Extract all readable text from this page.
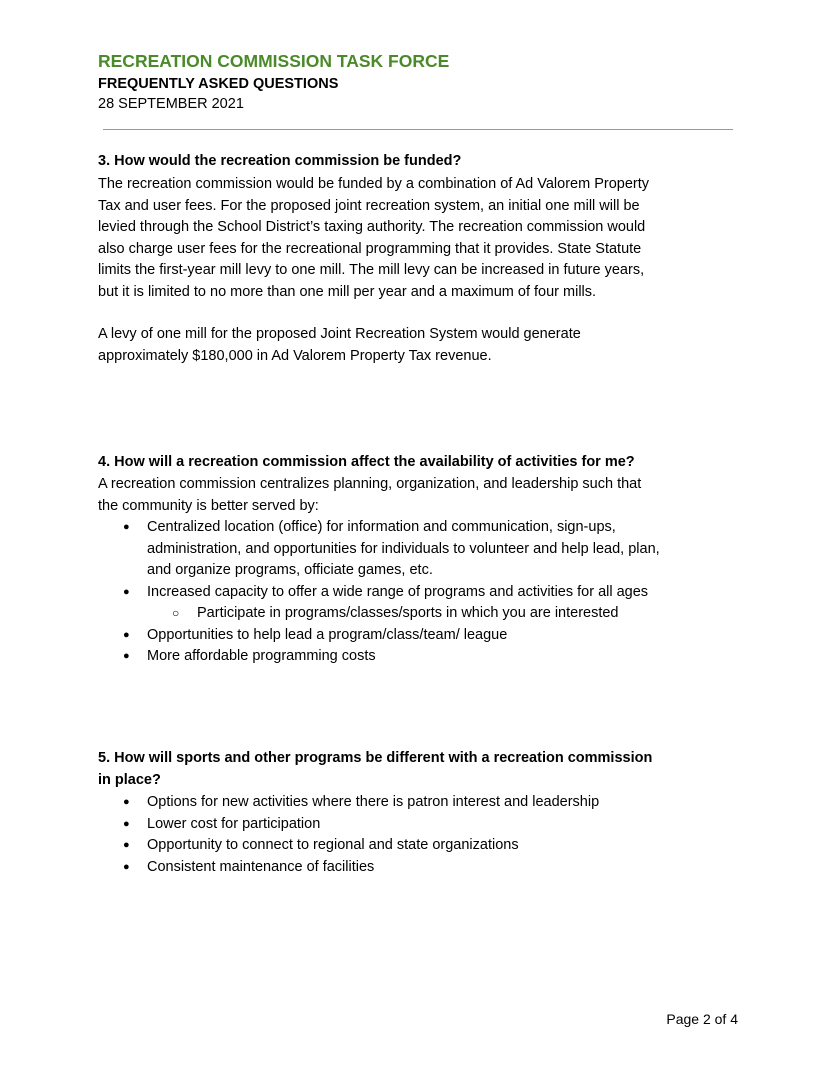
RECREATION COMMISSION TASK FORCE
FREQUENTLY ASKED QUESTIONS
28 SEPTEMBER 2021
3. How would the recreation commission be funded?
The recreation commission would be funded by a combination of Ad Valorem Property
Tax and user fees. For the proposed joint recreation system, an initial one mill will be
levied through the School District’s taxing authority. The recreation commission would
also charge user fees for the recreational programming that it provides. State Statute
limits the first-year mill levy to one mill. The mill levy can be increased in future years,
but it is limited to no more than one mill per year and a maximum of four mills.
A levy of one mill for the proposed Joint Recreation System would generate
approximately $180,000 in Ad Valorem Property Tax revenue.
4. How will a recreation commission affect the availability of activities for me?
A recreation commission centralizes planning, organization, and leadership such that
the community is better served by:
● Centralized location (office) for information and communication, sign-ups,
administration, and opportunities for individuals to volunteer and help lead, plan,
and organize programs, officiate games, etc.
● Increased capacity to offer a wide range of programs and activities for all ages
○ Participate in programs/classes/sports in which you are interested
● Opportunities to help lead a program/class/team/ league
● More affordable programming costs
5. How will sports and other programs be different with a recreation commission
in place?
● Options for new activities where there is patron interest and leadership
● Lower cost for participation
● Opportunity to connect to regional and state organizations
● Consistent maintenance of facilities
Page 2 of 4
